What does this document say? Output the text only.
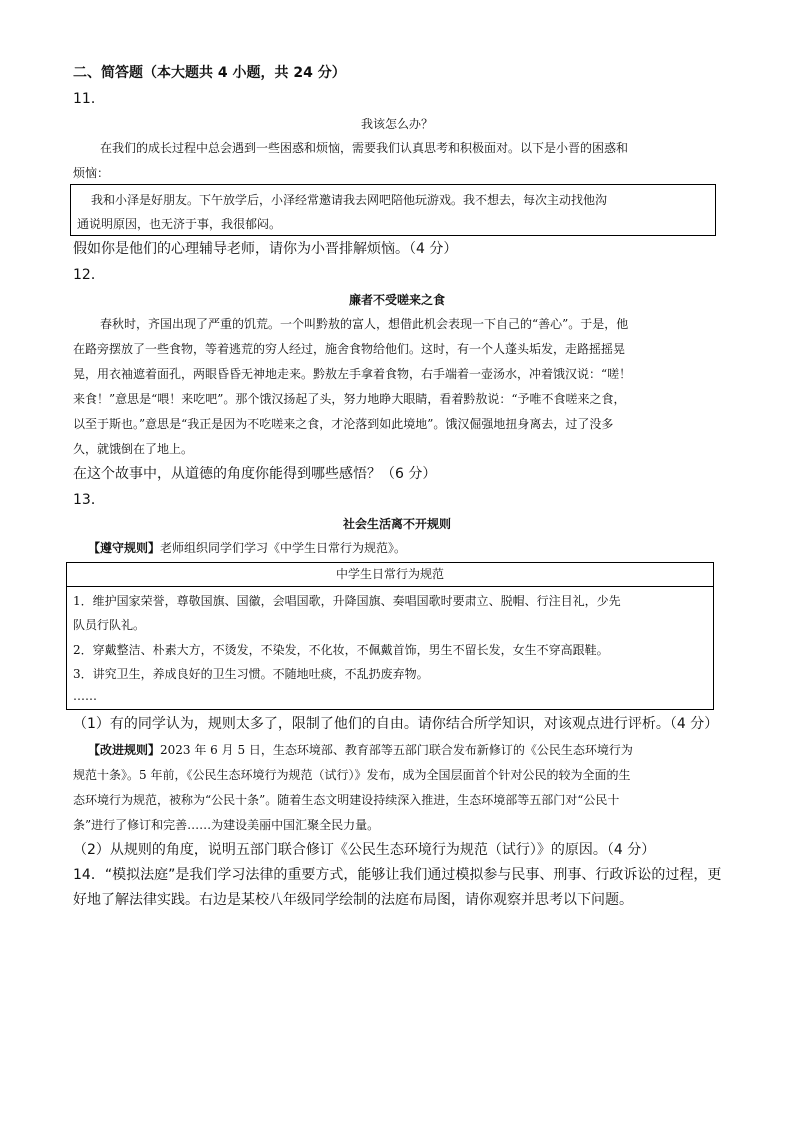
二、简答题（本大题共 4 小题，共 24 分）
11．
我该怎么办？
在我们的成长过程中总会遇到一些困惑和烦恼，需要我们认真思考和积极面对。以下是小晋的困惑和
烦恼：
我和小泽是好朋友。下午放学后，小泽经常邀请我去网吧陪他玩游戏。我不想去，每次主动找他沟
通说明原因，也无济于事，我很郁闷。
假如你是他们的心理辅导老师，请你为小晋排解烦恼。（4 分）
12．
廉者不受嗟来之食
春秋时，齐国出现了严重的饥荒。一个叫黔敖的富人，想借此机会表现一下自己的“善心”。于是，他
在路旁摆放了一些食物，等着逃荒的穷人经过，施舍食物给他们。这时，有一个人蓬头垢发，走路摇摇晃
晃，用衣袖遮着面孔，两眼昏昏无神地走来。黔敖左手拿着食物，右手端着一壶汤水，冲着饿汉说：“嗟！
来食！”意思是“喂！来吃吧”。那个饿汉扬起了头，努力地睁大眼睛，看着黔敖说：“予唯不食嗟来之食，
以至于斯也。”意思是“我正是因为不吃嗟来之食，才沦落到如此境地”。饿汉倔强地扭身离去，过了没多
久，就饿倒在了地上。
在这个故事中，从道德的角度你能得到哪些感悟？（6 分）
13．
社会生活离不开规则
【遵守规则】老师组织同学们学习《中学生日常行为规范》。
中学生日常行为规范
1．维护国家荣誉，尊敬国旗、国徽，会唱国歌，升降国旗、奏唱国歌时要肃立、脱帽、行注目礼，少先
队员行队礼。
2．穿戴整洁、朴素大方，不烫发，不染发，不化妆，不佩戴首饰，男生不留长发，女生不穿高跟鞋。
3．讲究卫生，养成良好的卫生习惯。不随地吐痰，不乱扔废弃物。
……
（1）有的同学认为，规则太多了，限制了他们的自由。请你结合所学知识，对该观点进行评析。（4 分）
【改进规则】2023 年 6 月 5 日，生态环境部、教育部等五部门联合发布新修订的《公民生态环境行为
规范十条》。5 年前，《公民生态环境行为规范（试行）》发布，成为全国层面首个针对公民的较为全面的生
态环境行为规范，被称为“公民十条”。随着生态文明建设持续深入推进，生态环境部等五部门对“公民十
条”进行了修订和完善……为建设美丽中国汇聚全民力量。
（2）从规则的角度，说明五部门联合修订《公民生态环境行为规范（试行）》的原因。（4 分）
14．“模拟法庭”是我们学习法律的重要方式，能够让我们通过模拟参与民事、刑事、行政诉讼的过程，更
好地了解法律实践。右边是某校八年级同学绘制的法庭布局图，请你观察并思考以下问题。
